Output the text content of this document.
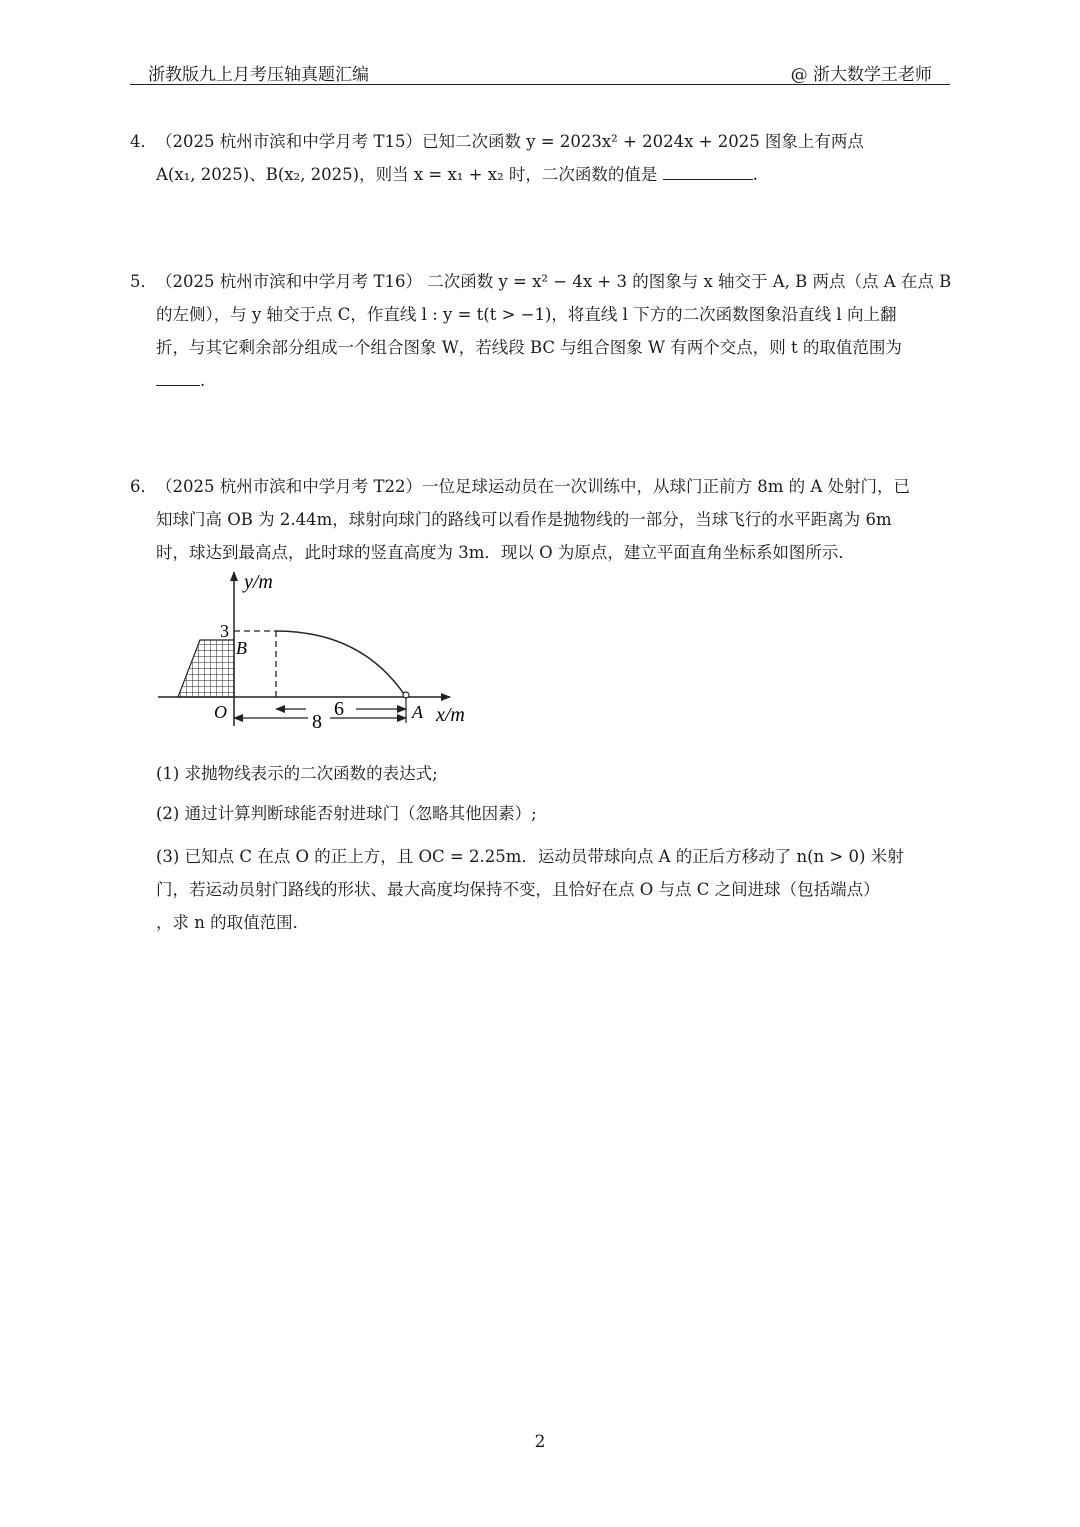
浙教版九上月考压轴真题汇编	@ 浙大数学王老师
4． （2025 杭州市滨和中学月考 T15）已知二次函数 y = 2023x² + 2024x + 2025 图象上有两点

A(x₁, 2025)、B(x₂, 2025)，则当 x = x₁ + x₂ 时，二次函数的值是	.

5． （2025 杭州市滨和中学月考 T16） 二次函数 y = x² − 4x + 3 的图象与 x 轴交于 A, B 两点（点 A 在点 B

的左侧），与 y 轴交于点 C，作直线 l : y = t(t > −1)，将直线 l 下方的二次函数图象沿直线 l 向上翻

折，与其它剩余部分组成一个组合图象 W，若线段 BC 与组合图象 W 有两个交点，则 t 的取值范围为

.

6． （2025 杭州市滨和中学月考 T22）一位足球运动员在一次训练中，从球门正前方 8m 的 A 处射门，已

知球门高 OB 为 2.44m，球射向球门的路线可以看作是抛物线的一部分，当球飞行的水平距离为 6m

时，球达到最高点，此时球的竖直高度为 3m．现以 O 为原点，建立平面直角坐标系如图所示．

y/m
x/m
3
B
O	A
6
8
(1) 求抛物线表示的二次函数的表达式;
(2) 通过计算判断球能否射进球门（忽略其他因素）;
(3) 已知点 C 在点 O 的正上方，且 OC = 2.25m．运动员带球向点 A 的正后方移动了 n(n > 0) 米射
门，若运动员射门路线的形状、最大高度均保持不变，且恰好在点 O 与点 C 之间进球（包括端点）
，求 n 的取值范围．
2
